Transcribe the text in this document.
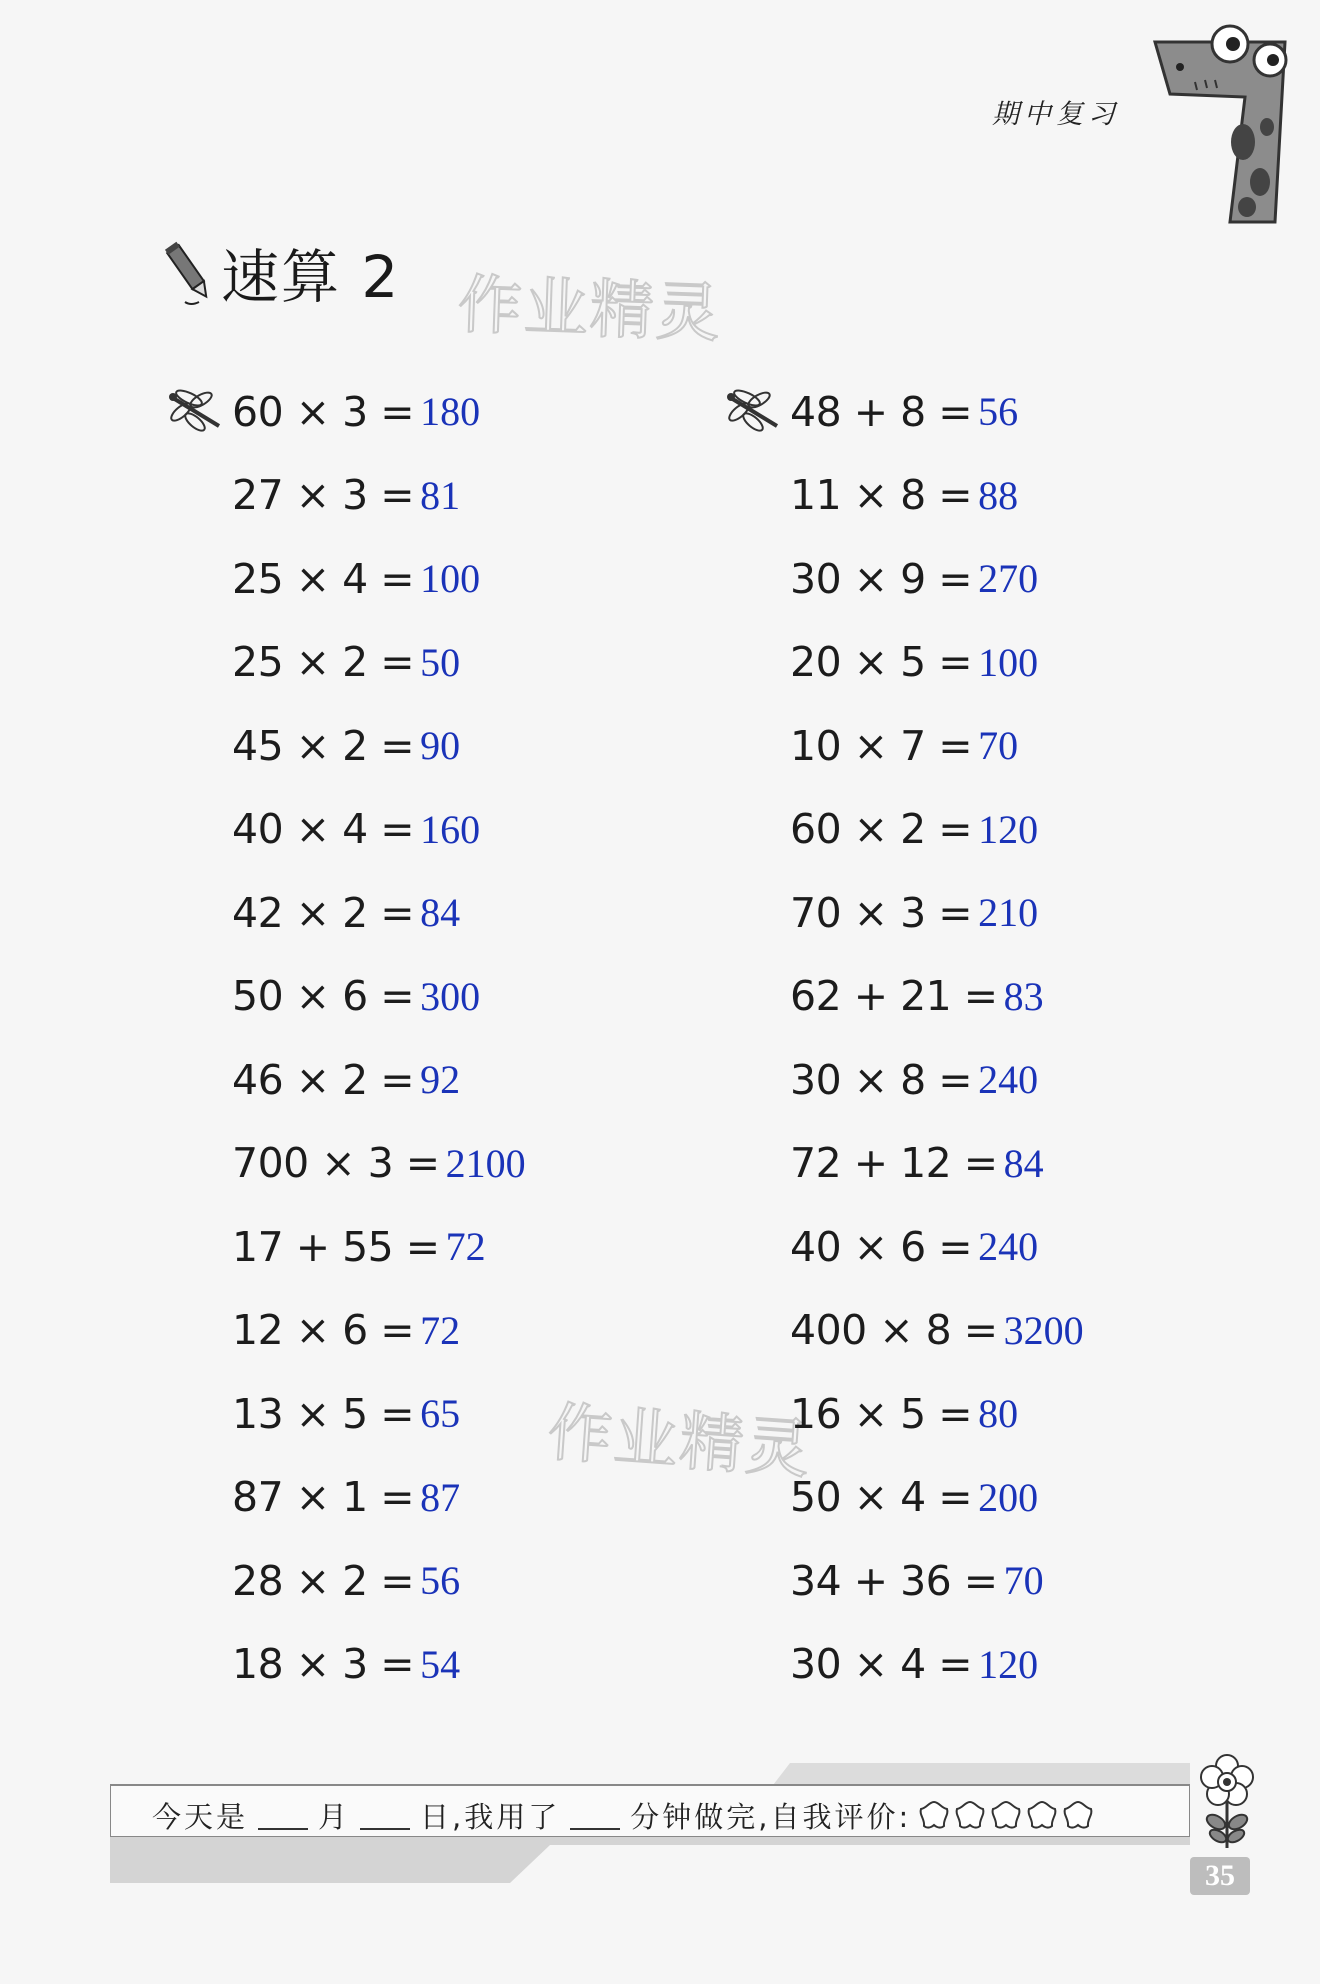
期中复习
速算 2 作业精灵
作业精灵
60 × 3 = 180
27 × 3 = 81
25 × 4 = 100
25 × 2 = 50
45 × 2 = 90
40 × 4 = 160
42 × 2 = 84
50 × 6 = 300
46 × 2 = 92
700 × 3 = 2100
17 + 55 = 72
12 × 6 = 72
13 × 5 = 65
87 × 1 = 87
28 × 2 = 56
18 × 3 = 54
48 + 8 = 56
11 × 8 = 88
30 × 9 = 270
20 × 5 = 100
10 × 7 = 70
60 × 2 = 120
70 × 3 = 210
62 + 21 = 83
30 × 8 = 240
72 + 12 = 84
40 × 6 = 240
400 × 8 = 3200
16 × 5 = 80
50 × 4 = 200
34 + 36 = 70
30 × 4 = 120
今天是 月 日,我用了 分钟做完,自我评价:
35
